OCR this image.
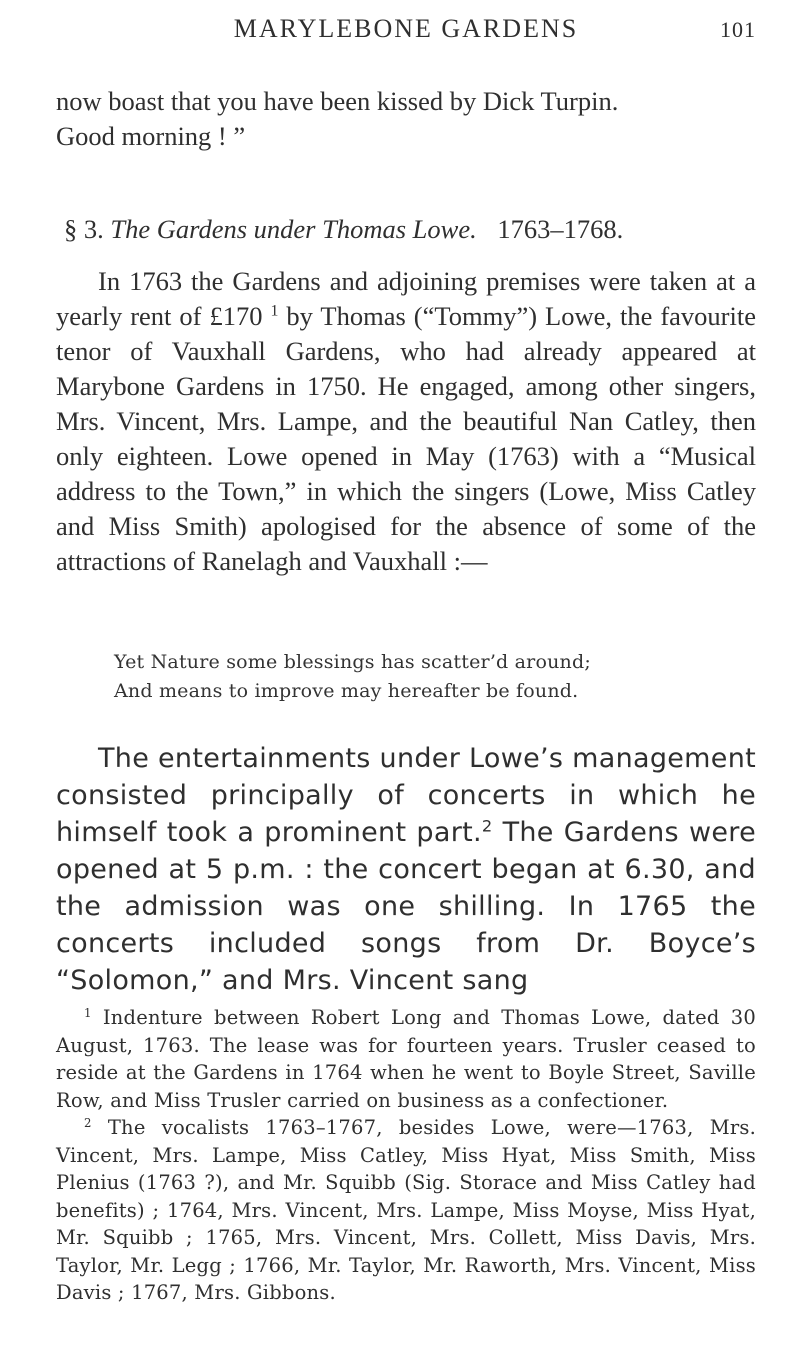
MARYLEBONE GARDENS	101
now boast that you have been kissed by Dick Turpin.
Good morning ! ”
§ 3. The Gardens under Thomas Lowe. 1763–1768.

In 1763 the Gardens and adjoining premises were taken at a yearly rent of £170 $^1$ by Thomas (“Tommy”) Lowe, the favourite tenor of Vauxhall Gardens, who had already appeared at Marybone Gardens in 1750. He engaged, among other singers, Mrs. Vincent, Mrs. Lampe, and the beautiful Nan Catley, then only eighteen. Lowe opened in May (1763) with a “Musical address to the Town,” in which the singers (Lowe, Miss Catley and Miss Smith) apologised for the absence of some of the attractions of Ranelagh and Vauxhall :—

Yet Nature some blessings has scatter’d around;
And means to improve may hereafter be found.

The entertainments under Lowe’s management consisted principally of concerts in which he himself took a prominent part.$^2$ The Gardens were opened at 5 p.m. : the concert began at 6.30, and the admission was one shilling. In 1765 the concerts included songs from Dr. Boyce’s “Solomon,” and Mrs. Vincent sang

$^1$ Indenture between Robert Long and Thomas Lowe, dated 30 August, 1763. The lease was for fourteen years. Trusler ceased to reside at the Gardens in 1764 when he went to Boyle Street, Saville Row, and Miss Trusler carried on business as a confectioner.

$^2$ The vocalists 1763–1767, besides Lowe, were—1763, Mrs. Vincent, Mrs. Lampe, Miss Catley, Miss Hyat, Miss Smith, Miss Plenius (1763 ?), and Mr. Squibb (Sig. Storace and Miss Catley had benefits) ; 1764, Mrs. Vincent, Mrs. Lampe, Miss Moyse, Miss Hyat, Mr. Squibb ; 1765, Mrs. Vincent, Mrs. Collett, Miss Davis, Mrs. Taylor, Mr. Legg ; 1766, Mr. Taylor, Mr. Raworth, Mrs. Vincent, Miss Davis ; 1767, Mrs. Gibbons.
